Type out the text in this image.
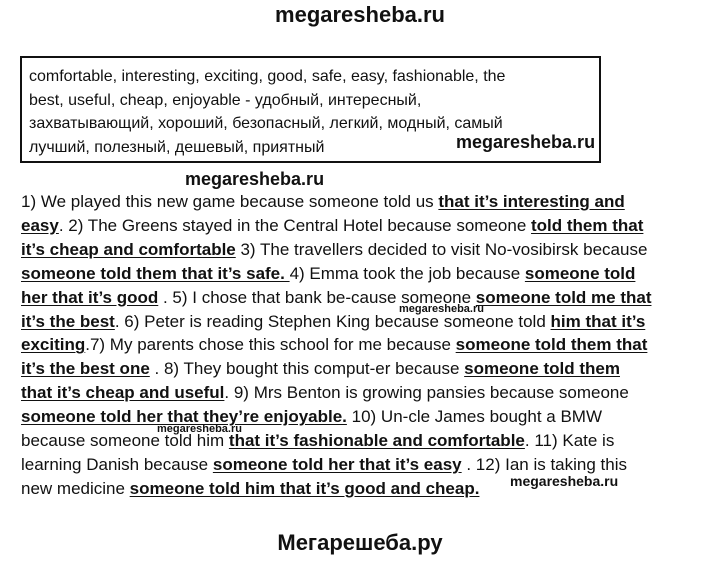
megaresheba.ru
comfortable, interesting, exciting, good, safe, easy, fashionable, the
best, useful, cheap, enjoyable - удобный, интересный,
захватывающий, хороший, безопасный, легкий, модный, самый
лучший, полезный, дешевый, приятный	megaresheba.ru
megaresheba.ru
1) We played this new game because someone told us that it’s interesting and
easy. 2) The Greens stayed in the Central Hotel because someone told them that
it’s cheap and comfortable 3) The travellers decided to visit No-vosibirsk because
someone told them that it’s safe. 4) Emma took the job because someone told
her that it’s good . 5) I chose that bank be-cause someone someone told me that
it’s the best. 6) Peter is reading Stephen King because someone told him that it’s
exciting.7) My parents chose this school for me because someone told them that
it’s the best one . 8) They bought this comput-er because someone told them
that it’s cheap and useful. 9) Mrs Benton is growing pansies because someone
someone told her that they’re enjoyable. 10) Un-cle James bought a BMW
because someone told him that it’s fashionable and comfortable. 11) Kate is
learning Danish because someone told her that it’s easy . 12) Ian is taking this
new medicine someone told him that it’s good and cheap.
megaresheba.ru
megaresheba.ru
megaresheba.ru
Мегарешеба.ру
